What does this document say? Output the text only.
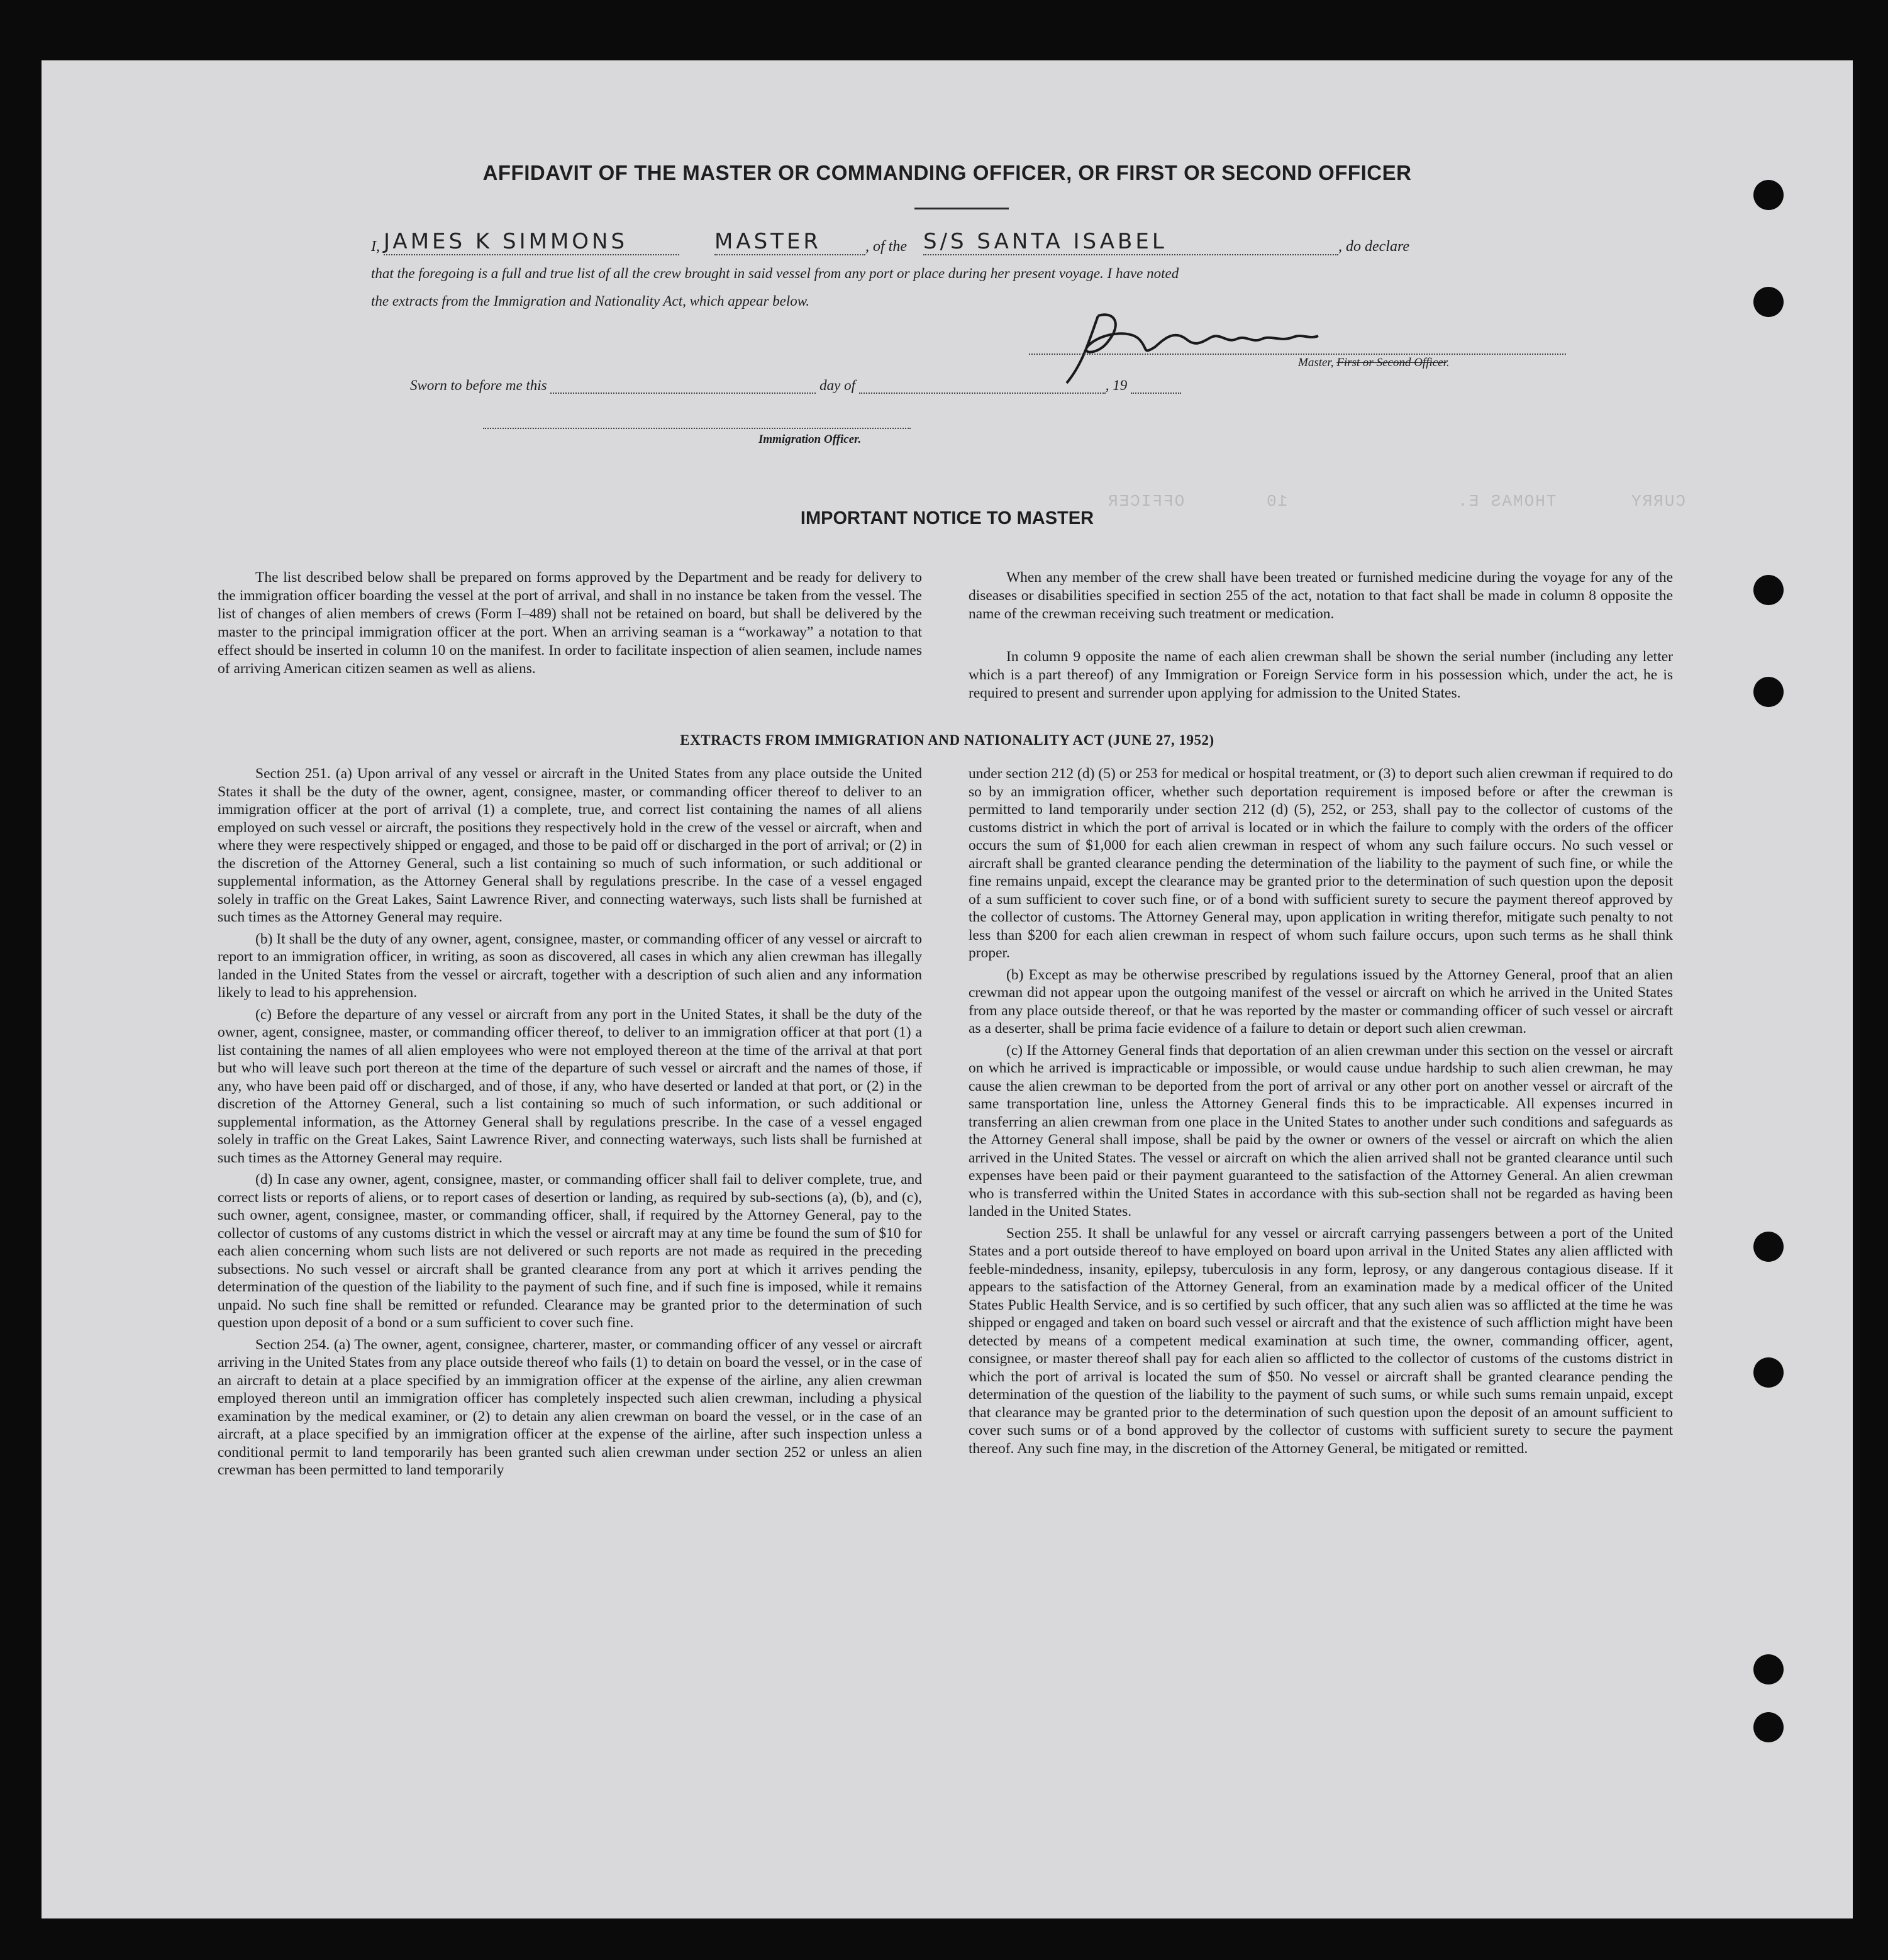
OFFICER	10	THOMAS E.	CURRY
AFFIDAVIT OF THE MASTER OR COMMANDING OFFICER, OR FIRST OR SECOND OFFICER
I, JAMES K SIMMONS	MASTER	, of the S/S SANTA ISABEL	, do declare
that the foregoing is a full and true list of all the crew brought in said vessel from any port or place during her present voyage. I have noted
the extracts from the Immigration and Nationality Act, which appear below.
Master, First or Second Officer.
Sworn to before me this	day of	, 19
Immigration Officer.
IMPORTANT NOTICE TO MASTER

The list described below shall be prepared on forms approved by the Department and be ready for delivery to the immigration officer boarding the vessel at the port of arrival, and shall in no instance be taken from the vessel. The list of changes of alien members of crews (Form I–489) shall not be retained on board, but shall be delivered by the master to the principal immigration officer at the port. When an arriving seaman is a “workaway” a notation to that effect should be inserted in column 10 on the manifest. In order to facilitate inspection of alien seamen, include names of arriving American citizen seamen as well as aliens.

When any member of the crew shall have been treated or furnished medicine during the voyage for any of the diseases or disabilities specified in section 255 of the act, notation to that fact shall be made in column 8 opposite the name of the crewman receiving such treatment or medication.

In column 9 opposite the name of each alien crewman shall be shown the serial number (including any letter which is a part thereof) of any Immigration or Foreign Service form in his possession which, under the act, he is required to present and surrender upon applying for admission to the United States.

EXTRACTS FROM IMMIGRATION AND NATIONALITY ACT (JUNE 27, 1952)

Section 251. (a) Upon arrival of any vessel or aircraft in the United States from any place outside the United States it shall be the duty of the owner, agent, consignee, master, or commanding officer thereof to deliver to an immigration officer at the port of arrival (1) a complete, true, and correct list containing the names of all aliens employed on such vessel or aircraft, the positions they respectively hold in the crew of the vessel or aircraft, when and where they were respectively shipped or engaged, and those to be paid off or discharged in the port of arrival; or (2) in the discretion of the Attorney General, such a list containing so much of such information, or such additional or supplemental information, as the Attorney General shall by regulations prescribe. In the case of a vessel engaged solely in traffic on the Great Lakes, Saint Lawrence River, and connecting waterways, such lists shall be furnished at such times as the Attorney General may require.

(b) It shall be the duty of any owner, agent, consignee, master, or commanding officer of any vessel or aircraft to report to an immigration officer, in writing, as soon as discovered, all cases in which any alien crewman has illegally landed in the United States from the vessel or aircraft, together with a description of such alien and any information likely to lead to his apprehension.

(c) Before the departure of any vessel or aircraft from any port in the United States, it shall be the duty of the owner, agent, consignee, master, or commanding officer thereof, to deliver to an immigration officer at that port (1) a list containing the names of all alien employees who were not employed thereon at the time of the arrival at that port but who will leave such port thereon at the time of the departure of such vessel or aircraft and the names of those, if any, who have been paid off or discharged, and of those, if any, who have deserted or landed at that port, or (2) in the discretion of the Attorney General, such a list containing so much of such information, or such additional or supplemental information, as the Attorney General shall by regulations prescribe. In the case of a vessel engaged solely in traffic on the Great Lakes, Saint Lawrence River, and connecting waterways, such lists shall be furnished at such times as the Attorney General may require.

(d) In case any owner, agent, consignee, master, or commanding officer shall fail to deliver complete, true, and correct lists or reports of aliens, or to report cases of desertion or landing, as required by sub-sections (a), (b), and (c), such owner, agent, consignee, master, or commanding officer, shall, if required by the Attorney General, pay to the collector of customs of any customs district in which the vessel or aircraft may at any time be found the sum of $10 for each alien concerning whom such lists are not delivered or such reports are not made as required in the preceding subsections. No such vessel or aircraft shall be granted clearance from any port at which it arrives pending the determination of the question of the liability to the payment of such fine, and if such fine is imposed, while it remains unpaid. No such fine shall be remitted or refunded. Clearance may be granted prior to the determination of such question upon deposit of a bond or a sum sufficient to cover such fine.

Section 254. (a) The owner, agent, consignee, charterer, master, or commanding officer of any vessel or aircraft arriving in the United States from any place outside thereof who fails (1) to detain on board the vessel, or in the case of an aircraft to detain at a place specified by an immigration officer at the expense of the airline, any alien crewman employed thereon until an immigration officer has completely inspected such alien crewman, including a physical examination by the medical examiner, or (2) to detain any alien crewman on board the vessel, or in the case of an aircraft, at a place specified by an immigration officer at the expense of the airline, after such inspection unless a conditional permit to land temporarily has been granted such alien crewman under section 252 or unless an alien crewman has been permitted to land temporarily

under section 212 (d) (5) or 253 for medical or hospital treatment, or (3) to deport such alien crewman if required to do so by an immigration officer, whether such deportation requirement is imposed before or after the crewman is permitted to land temporarily under section 212 (d) (5), 252, or 253, shall pay to the collector of customs of the customs district in which the port of arrival is located or in which the failure to comply with the orders of the officer occurs the sum of $1,000 for each alien crewman in respect of whom any such failure occurs. No such vessel or aircraft shall be granted clearance pending the determination of the liability to the payment of such fine, or while the fine remains unpaid, except the clearance may be granted prior to the determination of such question upon the deposit of a sum sufficient to cover such fine, or of a bond with sufficient surety to secure the payment thereof approved by the collector of customs. The Attorney General may, upon application in writing therefor, mitigate such penalty to not less than $200 for each alien crewman in respect of whom such failure occurs, upon such terms as he shall think proper.

(b) Except as may be otherwise prescribed by regulations issued by the Attorney General, proof that an alien crewman did not appear upon the outgoing manifest of the vessel or aircraft on which he arrived in the United States from any place outside thereof, or that he was reported by the master or commanding officer of such vessel or aircraft as a deserter, shall be prima facie evidence of a failure to detain or deport such alien crewman.

(c) If the Attorney General finds that deportation of an alien crewman under this section on the vessel or aircraft on which he arrived is impracticable or impossible, or would cause undue hardship to such alien crewman, he may cause the alien crewman to be deported from the port of arrival or any other port on another vessel or aircraft of the same transportation line, unless the Attorney General finds this to be impracticable. All expenses incurred in transferring an alien crewman from one place in the United States to another under such conditions and safeguards as the Attorney General shall impose, shall be paid by the owner or owners of the vessel or aircraft on which the alien arrived in the United States. The vessel or aircraft on which the alien arrived shall not be granted clearance until such expenses have been paid or their payment guaranteed to the satisfaction of the Attorney General. An alien crewman who is transferred within the United States in accordance with this sub-section shall not be regarded as having been landed in the United States.

Section 255. It shall be unlawful for any vessel or aircraft carrying passengers between a port of the United States and a port outside thereof to have employed on board upon arrival in the United States any alien afflicted with feeble-mindedness, insanity, epilepsy, tuberculosis in any form, leprosy, or any dangerous contagious disease. If it appears to the satisfaction of the Attorney General, from an examination made by a medical officer of the United States Public Health Service, and is so certified by such officer, that any such alien was so afflicted at the time he was shipped or engaged and taken on board such vessel or aircraft and that the existence of such affliction might have been detected by means of a competent medical examination at such time, the owner, commanding officer, agent, consignee, or master thereof shall pay for each alien so afflicted to the collector of customs of the customs district in which the port of arrival is located the sum of $50. No vessel or aircraft shall be granted clearance pending the determination of the question of the liability to the payment of such sums, or while such sums remain unpaid, except that clearance may be granted prior to the determination of such question upon the deposit of an amount sufficient to cover such sums or of a bond approved by the collector of customs with sufficient surety to secure the payment thereof. Any such fine may, in the discretion of the Attorney General, be mitigated or remitted.
